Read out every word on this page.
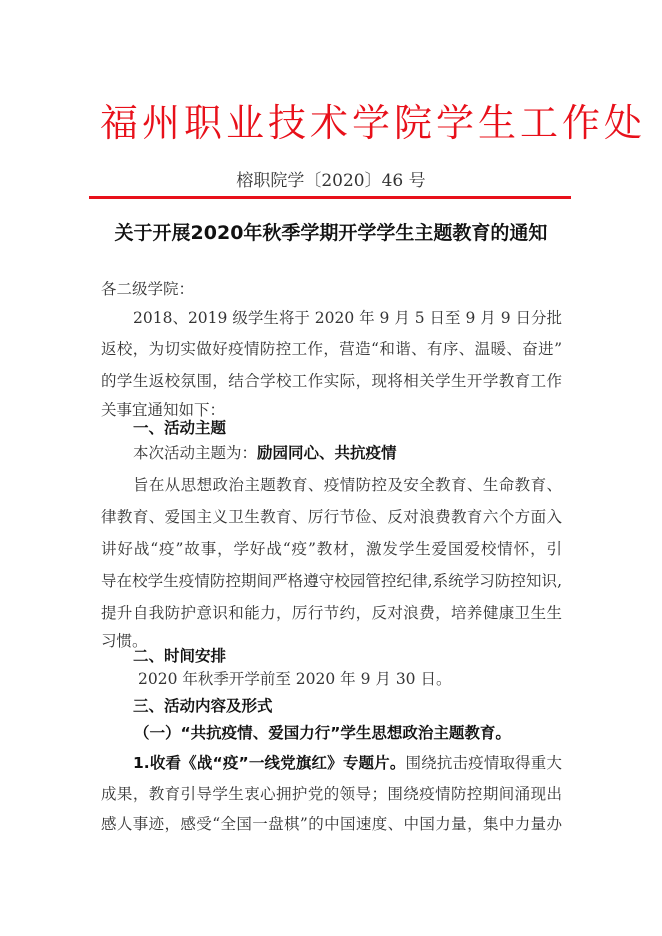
福州职业技术学院学生工作处
榕职院学〔2020〕46 号
关于开展2020年秋季学期开学学生主题教育的通知
各二级学院：
2018、2019 级学生将于 2020 年 9 月 5 日至 9 月 9 日分批
返校，为切实做好疫情防控工作，营造“和谐、有序、温暖、奋进”
的学生返校氛围，结合学校工作实际，现将相关学生开学教育工作
关事宜通知如下：
一、活动主题
本次活动主题为：励园同心、共抗疫情
旨在从思想政治主题教育、疫情防控及安全教育、生命教育、
律教育、爱国主义卫生教育、厉行节俭、反对浪费教育六个方面入
讲好战“疫”故事，学好战“疫”教材，激发学生爱国爱校情怀，引
导在校学生疫情防控期间严格遵守校园管控纪律,系统学习防控知识,
提升自我防护意识和能力，厉行节约，反对浪费，培养健康卫生生
习惯。
二、时间安排
2020 年秋季开学前至 2020 年 9 月 30 日。
三、活动内容及形式
（一）“共抗疫情、爱国力行”学生思想政治主题教育。
1.收看《战“疫”一线党旗红》专题片。围绕抗击疫情取得重大
成果，教育引导学生衷心拥护党的领导；围绕疫情防控期间涌现出
感人事迹，感受“全国一盘棋”的中国速度、中国力量，集中力量办
